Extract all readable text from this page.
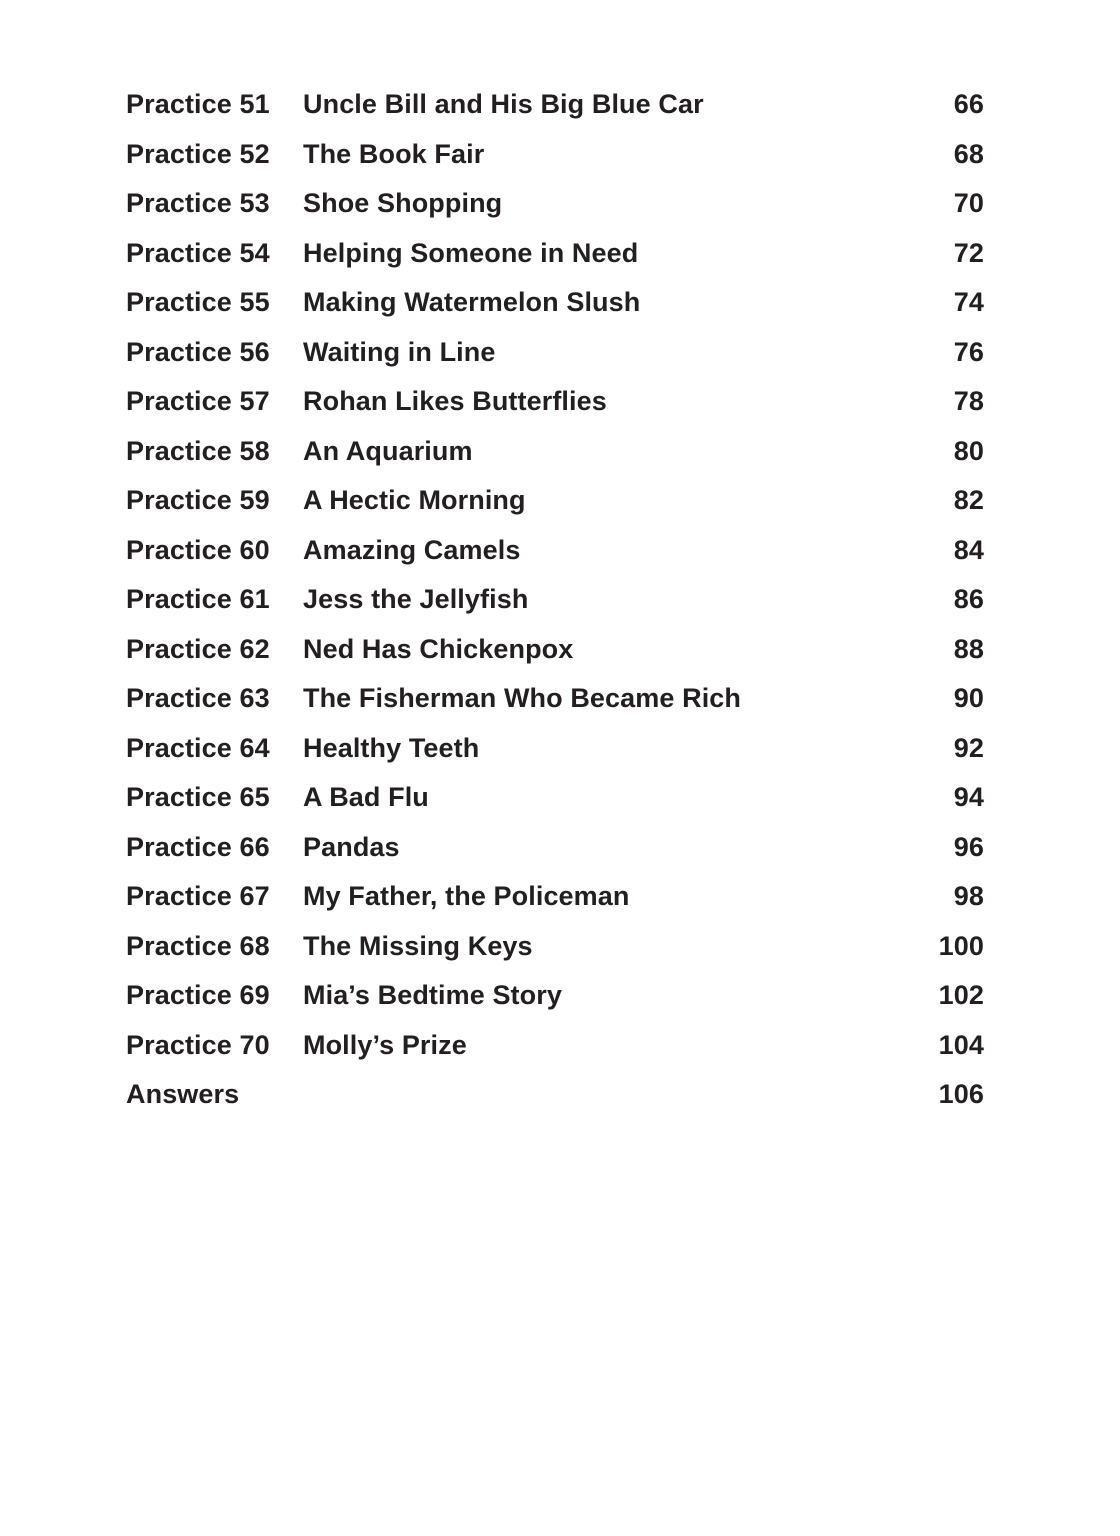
Practice 51	Uncle Bill and His Big Blue Car	66
Practice 52	The Book Fair	68
Practice 53	Shoe Shopping	70
Practice 54	Helping Someone in Need	72
Practice 55	Making Watermelon Slush	74
Practice 56	Waiting in Line	76
Practice 57	Rohan Likes Butterflies	78
Practice 58	An Aquarium	80
Practice 59	A Hectic Morning	82
Practice 60	Amazing Camels	84
Practice 61	Jess the Jellyfish	86
Practice 62	Ned Has Chickenpox	88
Practice 63	The Fisherman Who Became Rich	90
Practice 64	Healthy Teeth	92
Practice 65	A Bad Flu	94
Practice 66	Pandas	96
Practice 67	My Father, the Policeman	98
Practice 68	The Missing Keys	100
Practice 69	Mia’s Bedtime Story	102
Practice 70	Molly’s Prize	104
Answers	106
